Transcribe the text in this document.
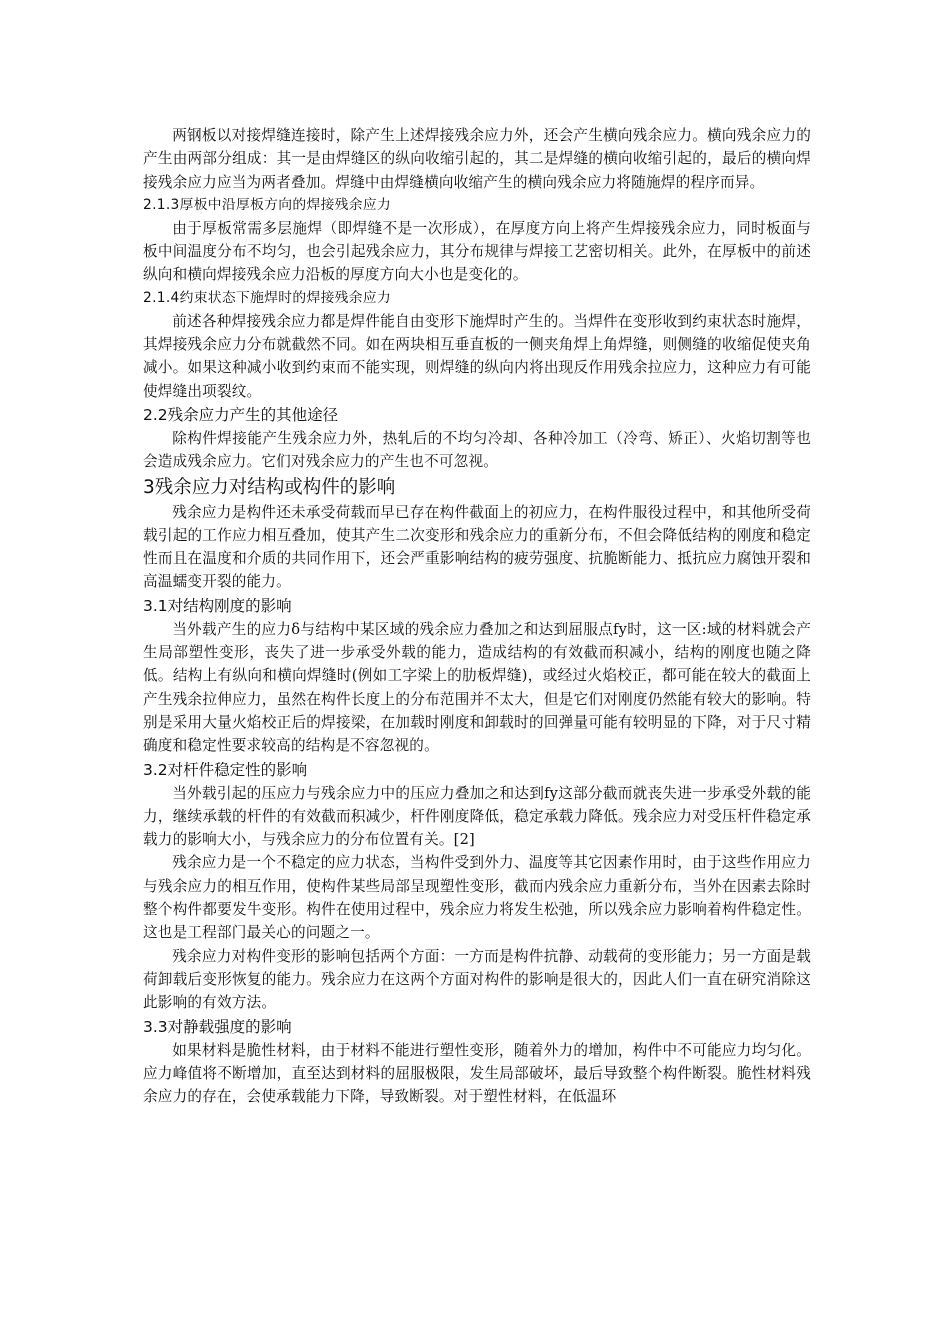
两钢板以对接焊缝连接时，除产生上述焊接残余应力外，还会产生横向残余应力。横向残余应力的产生由两部分组成：其一是由焊缝区的纵向收缩引起的，其二是焊缝的横向收缩引起的，最后的横向焊接残余应力应当为两者叠加。焊缝中由焊缝横向收缩产生的横向残余应力将随施焊的程序而异。

2.1.3厚板中沿厚板方向的焊接残余应力

由于厚板常需多层施焊（即焊缝不是一次形成），在厚度方向上将产生焊接残余应力，同时板面与板中间温度分布不均匀，也会引起残余应力，其分布规律与焊接工艺密切相关。此外，在厚板中的前述纵向和横向焊接残余应力沿板的厚度方向大小也是变化的。

2.1.4约束状态下施焊时的焊接残余应力

前述各种焊接残余应力都是焊件能自由变形下施焊时产生的。当焊件在变形收到约束状态时施焊，其焊接残余应力分布就截然不同。如在两块相互垂直板的一侧夹角焊上角焊缝，则侧缝的收缩促使夹角减小。如果这种减小收到约束而不能实现，则焊缝的纵向内将出现反作用残余拉应力，这种应力有可能使焊缝出项裂纹。

2.2残余应力产生的其他途径

除构件焊接能产生残余应力外，热轧后的不均匀冷却、各种冷加工（冷弯、矫正）、火焰切割等也会造成残余应力。它们对残余应力的产生也不可忽视。

3残余应力对结构或构件的影响

残余应力是构件还未承受荷载而早已存在构件截面上的初应力，在构件服役过程中，和其他所受荷载引起的工作应力相互叠加，使其产生二次变形和残余应力的重新分布，不但会降低结构的刚度和稳定性而且在温度和介质的共同作用下，还会严重影响结构的疲劳强度、抗脆断能力、抵抗应力腐蚀开裂和高温蠕变开裂的能力。

3.1对结构刚度的影响

当外载产生的应力δ与结构中某区域的残余应力叠加之和达到屈服点fy时，这一区:域的材料就会产生局部塑性变形，丧失了进一步承受外载的能力，造成结构的有效截而积减小，结构的刚度也随之降低。结构上有纵向和横向焊缝时(例如工字梁上的肋板焊缝)，或经过火焰校正，都可能在较大的截面上产生残余拉伸应力，虽然在构件长度上的分布范围并不太大，但是它们对刚度仍然能有较大的影响。特别是采用大量火焰校正后的焊接梁，在加载时刚度和卸载时的回弹量可能有较明显的下降，对于尺寸精确度和稳定性要求较高的结构是不容忽视的。

3.2对杆件稳定性的影响

当外载引起的压应力与残余应力中的压应力叠加之和达到fy这部分截而就丧失进一步承受外载的能力，继续承载的杆件的有效截而积减少，杆件刚度降低，稳定承载力降低。残余应力对受压杆件稳定承载力的影响大小，与残余应力的分布位置有关。[2]

残余应力是一个不稳定的应力状态，当构件受到外力、温度等其它因素作用时，由于这些作用应力与残余应力的相互作用，使构件某些局部呈现塑性变形，截而内残余应力重新分布，当外在因素去除时整个构件都要发牛变形。构件在使用过程中，残余应力将发生松弛，所以残余应力影响着构件稳定性。这也是工程部门最关心的问题之一。

残余应力对构件变形的影响包括两个方面：一方而是构件抗静、动载荷的变形能力；另一方面是载荷卸载后变形恢复的能力。残余应力在这两个方面对构件的影响是很大的，因此人们一直在研究消除这此影响的有效方法。

3.3对静载强度的影响

如果材料是脆性材料，由于材料不能进行塑性变形，随着外力的增加，构件中不可能应力均匀化。应力峰值将不断增加，直至达到材料的屈服极限，发生局部破坏，最后导致整个构件断裂。脆性材料残余应力的存在，会使承载能力下降，导致断裂。对于塑性材料，在低温环
